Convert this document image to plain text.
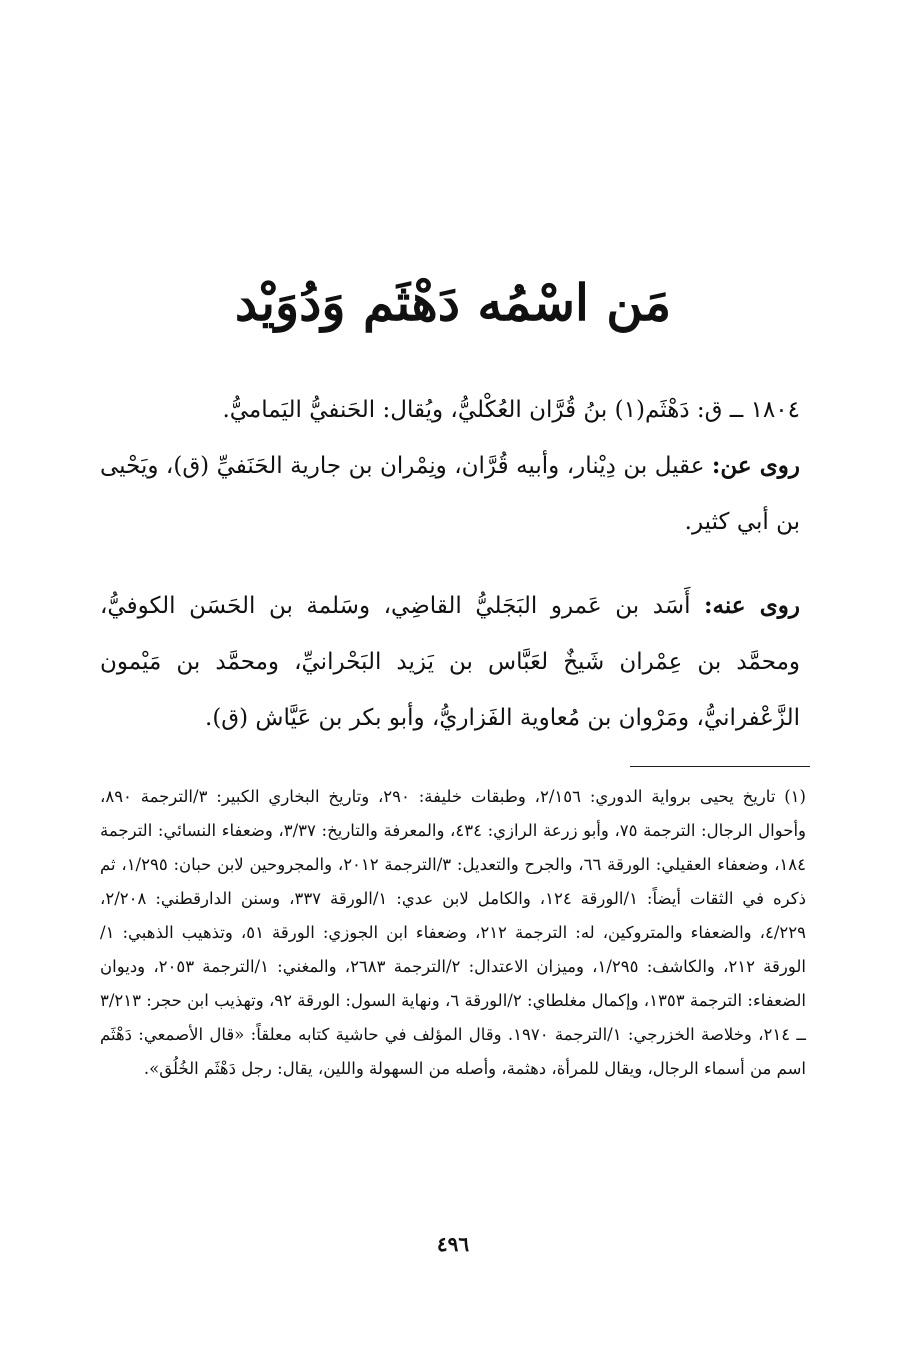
مَن اسْمُه دَهْثَم وَدُوَيْد

١٨٠٤ ــ ق: دَهْثَم(١) بنُ قُرَّان العُكْليُّ، ويُقال: الحَنفيُّ اليَماميُّ.

روى عن: عقيل بن دِيْنار، وأبيه قُرَّان، ونِمْران بن جارية الحَنَفيِّ (ق)، ويَحْيى بن أبي كثير.

روى عنه: أَسَد بن عَمرو البَجَليُّ القاضِي، وسَلمة بن الحَسَن الكوفيُّ، ومحمَّد بن عِمْران شَيخٌ لعَبَّاس بن يَزيد البَحْرانيِّ، ومحمَّد بن مَيْمون الزَّعْفرانيُّ، ومَرْوان بن مُعاوية الفَزاريُّ، وأبو بكر بن عَيَّاش (ق).

(١) تاريخ يحيى برواية الدوري: ٢/١٥٦، وطبقات خليفة: ٢٩٠، وتاريخ البخاري الكبير: ٣/الترجمة ٨٩٠، وأحوال الرجال: الترجمة ٧٥، وأبو زرعة الرازي: ٤٣٤، والمعرفة والتاريخ: ٣/٣٧، وضعفاء النسائي: الترجمة ١٨٤، وضعفاء العقيلي: الورقة ٦٦، والجرح والتعديل: ٣/الترجمة ٢٠١٢، والمجروحين لابن حبان: ١/٢٩٥، ثم ذكره في الثقات أيضاً: ١/الورقة ١٢٤، والكامل لابن عدي: ١/الورقة ٣٣٧، وسنن الدارقطني: ٢/٢٠٨، ٤/٢٢٩، والضعفاء والمتروكين، له: الترجمة ٢١٢، وضعفاء ابن الجوزي: الورقة ٥١، وتذهيب الذهبي: ١/الورقة ٢١٢، والكاشف: ١/٢٩٥، وميزان الاعتدال: ٢/الترجمة ٢٦٨٣، والمغني: ١/الترجمة ٢٠٥٣، وديوان الضعفاء: الترجمة ١٣٥٣، وإكمال مغلطاي: ٢/الورقة ٦، ونهاية السول: الورقة ٩٢، وتهذيب ابن حجر: ٣/٢١٣ ــ ٢١٤، وخلاصة الخزرجي: ١/الترجمة ١٩٧٠. وقال المؤلف في حاشية كتابه معلقاً: «قال الأصمعي: دَهْثَم اسم من أسماء الرجال، ويقال للمرأة، دهثمة، وأصله من السهولة واللين، يقال: رجل دَهْثَم الخُلُق».

٤٩٦
